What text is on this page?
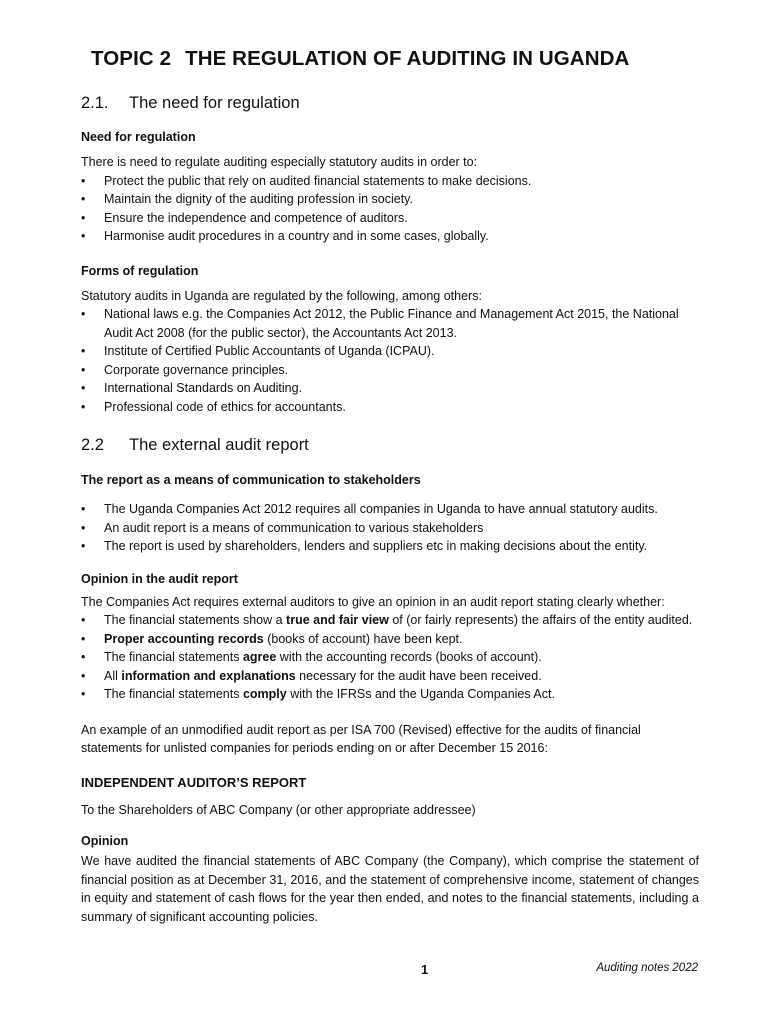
TOPIC 2 THE REGULATION OF AUDITING IN UGANDA
2.1. The need for regulation
Need for regulation

There is need to regulate auditing especially statutory audits in order to:

• Protect the public that rely on audited financial statements to make decisions.
• Maintain the dignity of the auditing profession in society.
• Ensure the independence and competence of auditors.
• Harmonise audit procedures in a country and in some cases, globally.
Forms of regulation

Statutory audits in Uganda are regulated by the following, among others:

• National laws e.g. the Companies Act 2012, the Public Finance and Management Act 2015, the National Audit Act 2008 (for the public sector), the Accountants Act 2013.
• Institute of Certified Public Accountants of Uganda (ICPAU).
• Corporate governance principles.
• International Standards on Auditing.
• Professional code of ethics for accountants.
2.2 The external audit report
The report as a means of communication to stakeholders
• The Uganda Companies Act 2012 requires all companies in Uganda to have annual statutory audits.
• An audit report is a means of communication to various stakeholders
• The report is used by shareholders, lenders and suppliers etc in making decisions about the entity.
Opinion in the audit report

The Companies Act requires external auditors to give an opinion in an audit report stating clearly whether:

• The financial statements show a true and fair view of (or fairly represents) the affairs of the entity audited.
• Proper accounting records (books of account) have been kept.
• The financial statements agree with the accounting records (books of account).
• All information and explanations necessary for the audit have been received.
• The financial statements comply with the IFRSs and the Uganda Companies Act.

An example of an unmodified audit report as per ISA 700 (Revised) effective for the audits of financial statements for unlisted companies for periods ending on or after December 15 2016:

INDEPENDENT AUDITOR’S REPORT

To the Shareholders of ABC Company (or other appropriate addressee)

Opinion

We have audited the financial statements of ABC Company (the Company), which comprise the statement of financial position as at December 31, 2016, and the statement of comprehensive income, statement of changes in equity and statement of cash flows for the year then ended, and notes to the financial statements, including a summary of significant accounting policies.

1	Auditing notes 2022
